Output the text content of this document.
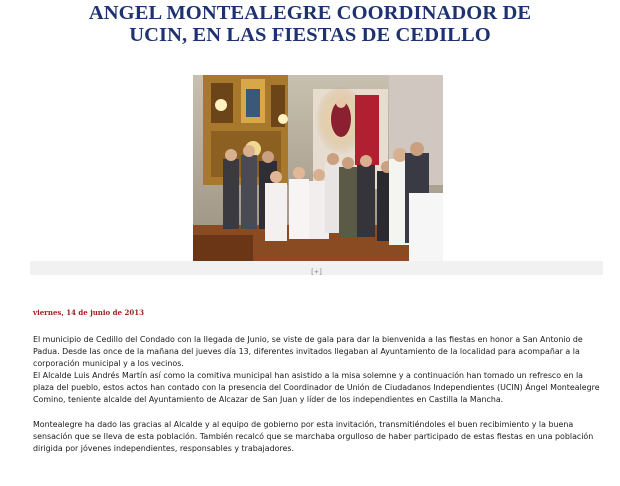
ANGEL MONTEALEGRE COORDINADOR DE
UCIN, EN LAS FIESTAS DE CEDILLO
[+]

viernes, 14 de junio de 2013

El municipio de Cedillo del Condado con la llegada de Junio, se viste de gala para dar la bienvenida a las fiestas en honor a San Antonio de Padua. Desde las once de la mañana del jueves día 13, diferentes invitados llegaban al Ayuntamiento de la localidad para acompañar a la corporación municipal y a los vecinos.

El Alcalde Luis Andrés Martín así como la comitiva municipal han asistido a la misa solemne y a continuación han tomado un refresco en la plaza del pueblo, estos actos han contado con la presencia del Coordinador de Unión de Ciudadanos Independientes (UCIN) Ángel Montealegre Comino, teniente alcalde del Ayuntamiento de Alcazar de San Juan y líder de los independientes en Castilla la Mancha.

Montealegre ha dado las gracias al Alcalde y al equipo de gobierno por esta invitación, transmitiéndoles el buen recibimiento y la buena sensación que se lleva de esta población. También recalcó que se marchaba orgulloso de haber participado de estas fiestas en una población dirigida por jóvenes independientes, responsables y trabajadores.
